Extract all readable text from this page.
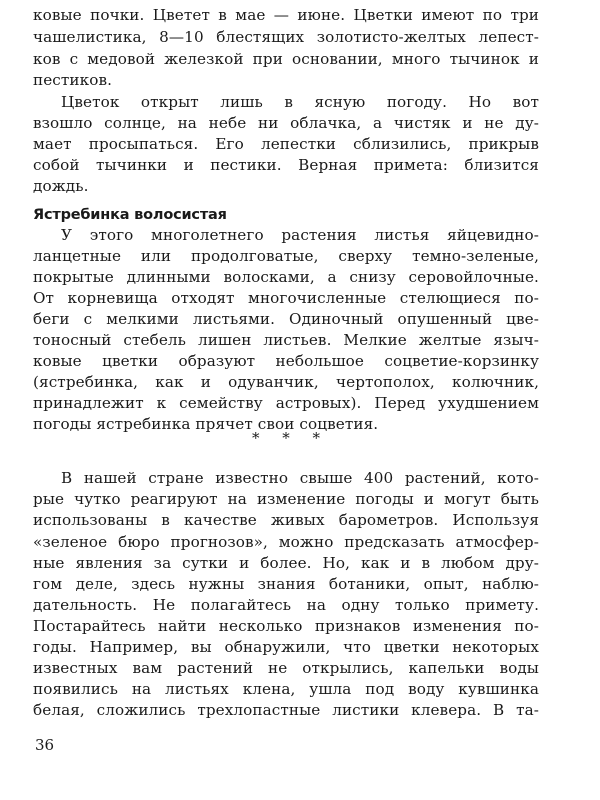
ковые почки. Цветет в мае — июне. Цветки имеют по три
чашелистика, 8—10 блестящих золотисто-желтых лепест-
ков с медовой железкой при основании, много тычинок и
пестиков.
Цветок открыт лишь в ясную погоду. Но вот
взошло солнце, на небе ни облачка, а чистяк и не ду-
мает просыпаться. Его лепестки сблизились, прикрыв
собой тычинки и пестики. Верная примета: близится
дождь.
Ястребинка волосистая
У этого многолетнего растения листья яйцевидно-
ланцетные или продолговатые, сверху темно-зеленые,
покрытые длинными волосками, а снизу серовойлочные.
От корневища отходят многочисленные стелющиеся по-
беги с мелкими листьями. Одиночный опушенный цве-
тоносный стебель лишен листьев. Мелкие желтые языч-
ковые цветки образуют небольшое соцветие-корзинку
(ястребинка, как и одуванчик, чертополох, колючник,
принадлежит к семейству астровых). Перед ухудшением
погоды ястребинка прячет свои соцветия.
* * *
В нашей стране известно свыше 400 растений, кото-
рые чутко реагируют на изменение погоды и могут быть
использованы в качестве живых барометров. Используя
«зеленое бюро прогнозов», можно предсказать атмосфер-
ные явления за сутки и более. Но, как и в любом дру-
гом деле, здесь нужны знания ботаники, опыт, наблю-
дательность. Не полагайтесь на одну только примету.
Постарайтесь найти несколько признаков изменения по-
годы. Например, вы обнаружили, что цветки некоторых
известных вам растений не открылись, капельки воды
появились на листьях клена, ушла под воду кувшинка
белая, сложились трехлопастные листики клевера. В та-
36
